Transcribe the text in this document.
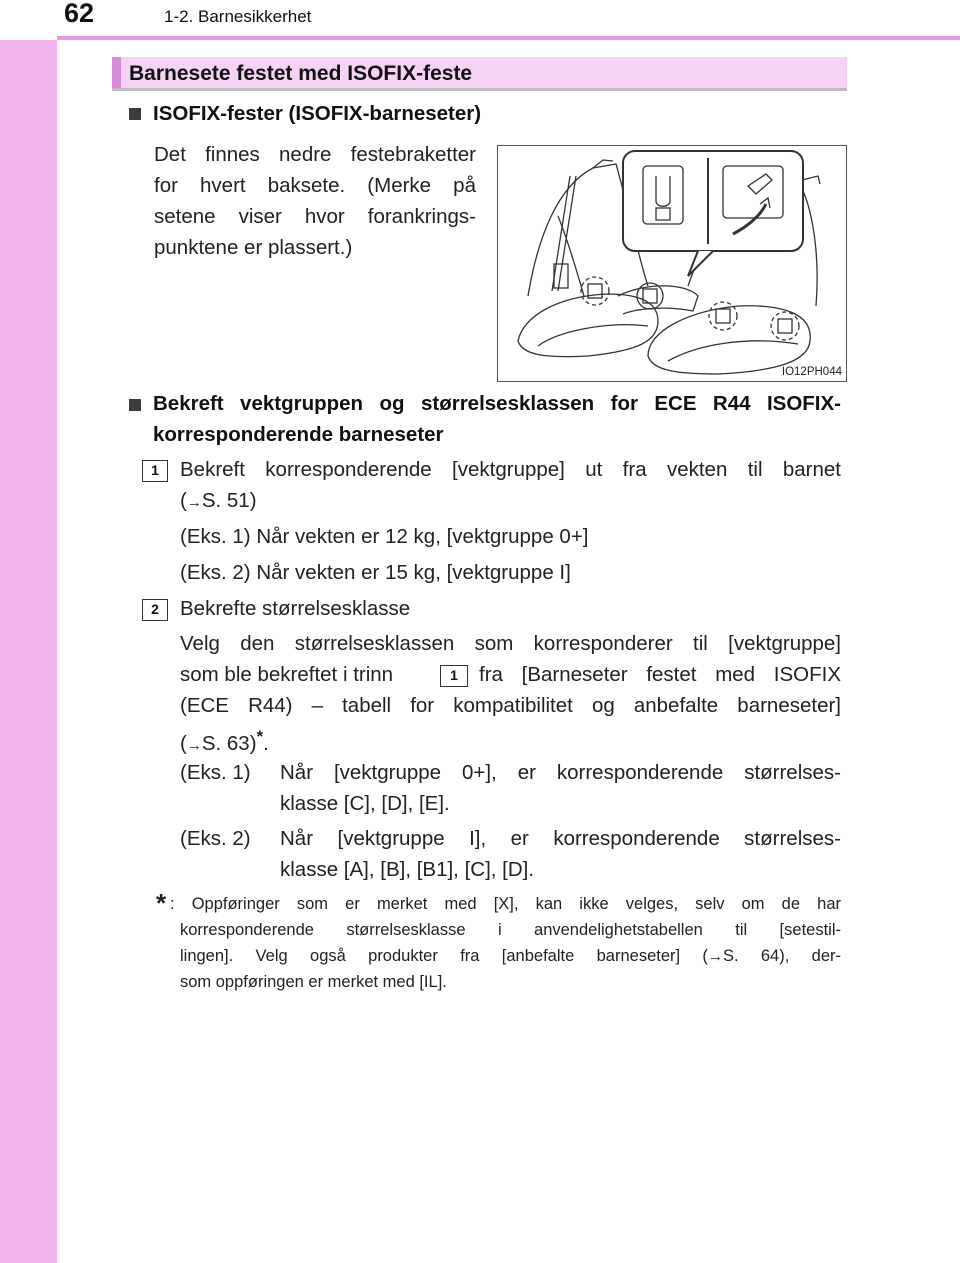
62	1-2. Barnesikkerhet
Barnesete festet med ISOFIX-feste
ISOFIX-fester (ISOFIX-barneseter)
Det finnes nedre festebraketter
for hvert baksete. (Merke på
setene viser hvor forankrings-
punktene er plassert.)
IO12PH044
Bekreft vektgruppen og størrelsesklassen for ECE R44 ISOFIX-
korresponderende barneseter
1	Bekreft korresponderende [vektgruppe] ut fra vekten til barnet
(→S. 51)
(Eks. 1) Når vekten er 12 kg, [vektgruppe 0+]
(Eks. 2) Når vekten er 15 kg, [vektgruppe I]
2	Bekrefte størrelsesklasse
Velg den størrelsesklassen som korresponderer til [vektgruppe]
som ble bekreftet i trinn	1	fra [Barneseter festet med ISOFIX
(ECE R44) – tabell for kompatibilitet og anbefalte barneseter]
(→S. 63)*.
(Eks. 1) Når [vektgruppe 0+], er korresponderende størrelses-
klasse [C], [D], [E].
(Eks. 2) Når [vektgruppe I], er korresponderende størrelses-
klasse [A], [B], [B1], [C], [D].
* : Oppføringer som er merket med [X], kan ikke velges, selv om de har
korresponderende størrelsesklasse i anvendelighetstabellen til [setestil-
lingen]. Velg også produkter fra [anbefalte barneseter] (→S. 64), der-
som oppføringen er merket med [IL].
